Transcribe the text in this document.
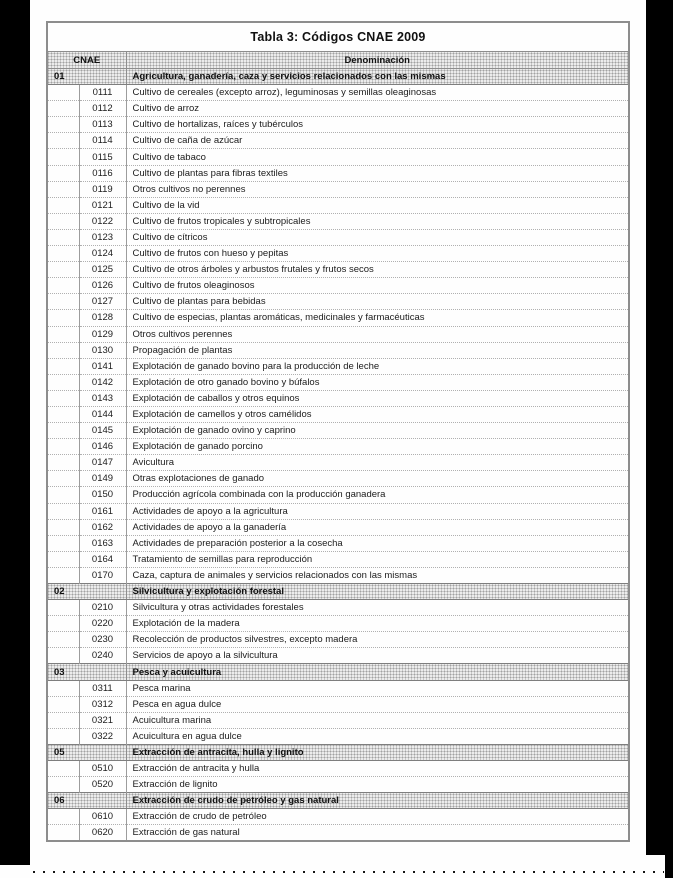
Tabla 3: Códigos CNAE 2009		
CNAE		Denominación
01		Agricultura, ganadería, caza y servicios relacionados con las mismas
	0111	Cultivo de cereales (excepto arroz), leguminosas y semillas oleaginosas
	0112	Cultivo de arroz
	0113	Cultivo de hortalizas, raíces y tubérculos
	0114	Cultivo de caña de azúcar
	0115	Cultivo de tabaco
	0116	Cultivo de plantas para fibras textiles
	0119	Otros cultivos no perennes
	0121	Cultivo de la vid
	0122	Cultivo de frutos tropicales y subtropicales
	0123	Cultivo de cítricos
	0124	Cultivo de frutos con hueso y pepitas
	0125	Cultivo de otros árboles y arbustos frutales y frutos secos
	0126	Cultivo de frutos oleaginosos
	0127	Cultivo de plantas para bebidas
	0128	Cultivo de especias, plantas aromáticas, medicinales y farmacéuticas
	0129	Otros cultivos perennes
	0130	Propagación de plantas
	0141	Explotación de ganado bovino para la producción de leche
	0142	Explotación de otro ganado bovino y búfalos
	0143	Explotación de caballos y otros equinos
	0144	Explotación de camellos y otros camélidos
	0145	Explotación de ganado ovino y caprino
	0146	Explotación de ganado porcino
	0147	Avicultura
	0149	Otras explotaciones de ganado
	0150	Producción agrícola combinada con la producción ganadera
	0161	Actividades de apoyo a la agricultura
	0162	Actividades de apoyo a la ganadería
	0163	Actividades de preparación posterior a la cosecha
	0164	Tratamiento de semillas para reproducción
	0170	Caza, captura de animales y servicios relacionados con las mismas
02		Silvicultura y explotación forestal
	0210	Silvicultura y otras actividades forestales
	0220	Explotación de la madera
	0230	Recolección de productos silvestres, excepto madera
	0240	Servicios de apoyo a la silvicultura
03		Pesca y acuicultura
	0311	Pesca marina
	0312	Pesca en agua dulce
	0321	Acuicultura marina
	0322	Acuicultura en agua dulce
05		Extracción de antracita, hulla y lignito
	0510	Extracción de antracita y hulla
	0520	Extracción de lignito
06		Extracción de crudo de petróleo y gas natural
	0610	Extracción de crudo de petróleo
	0620	Extracción de gas natural
